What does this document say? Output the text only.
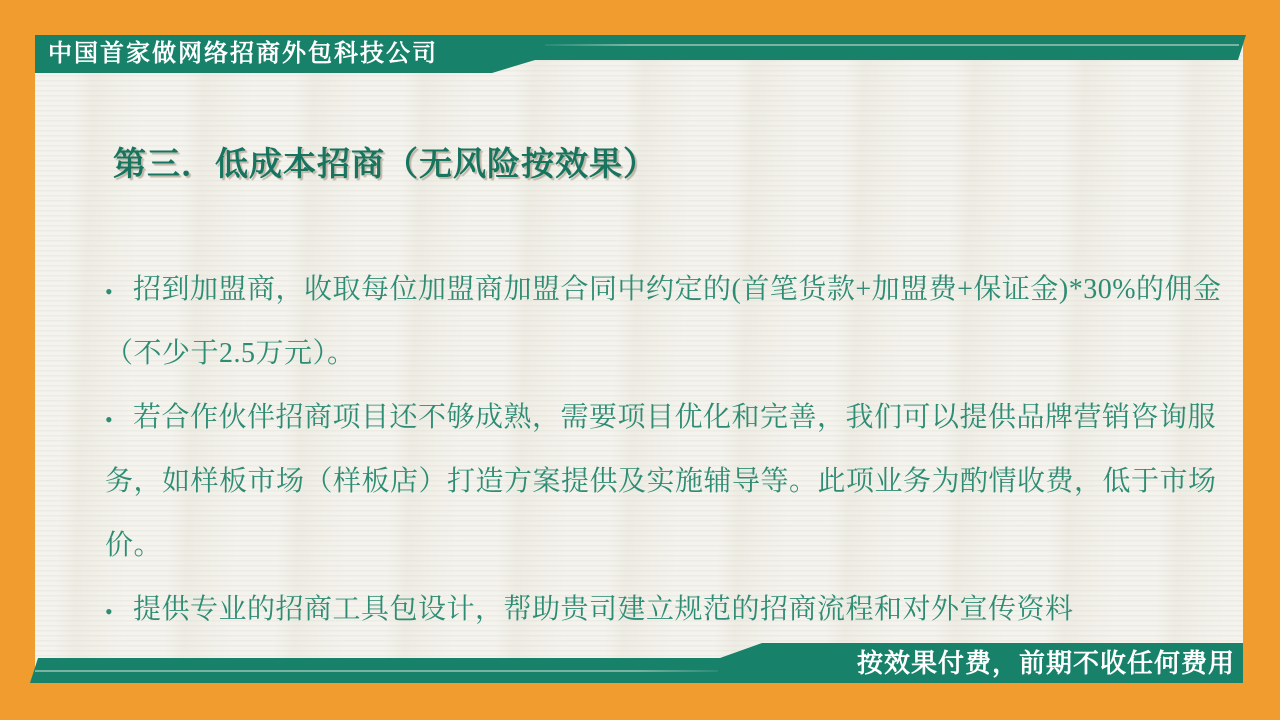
中国首家做网络招商外包科技公司
第三．低成本招商（无风险按效果）
• 招到加盟商，收取每位加盟商加盟合同中约定的(首笔货款+加盟费+保证金)*30%的佣金
（不少于2.5万元）。
• 若合作伙伴招商项目还不够成熟，需要项目优化和完善，我们可以提供品牌营销咨询服
务，如样板市场（样板店）打造方案提供及实施辅导等。此项业务为酌情收费，低于市场
价。
• 提供专业的招商工具包设计，帮助贵司建立规范的招商流程和对外宣传资料
按效果付费，前期不收任何费用
